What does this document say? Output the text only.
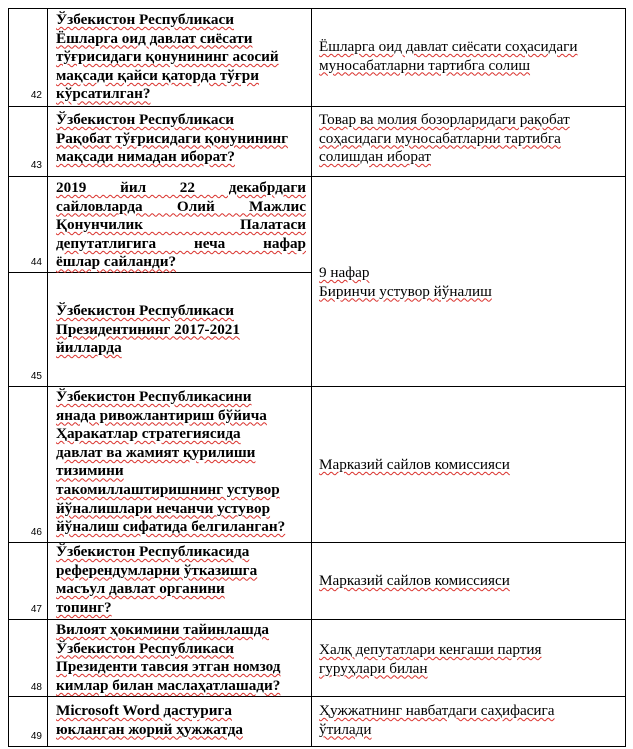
42
Ўзбекистон Республикаси
Ёшларга оид давлат сиёсати
тўғрисидаги қонунининг асосий
мақсади қайси қаторда тўғри
кўрсатилган?
Ёшларга оид давлат сиёсати соҳасидаги
муносабатларни тартибга солиш
43
Ўзбекистон Республикаси
Рақобат тўғрисидаги қонунининг
мақсади нимадан иборат?
Товар ва молия бозорларидаги рақобат
соҳасидаги муносабатларни тартибга
солишдан иборат
44
2019 йил 22 декабрдаги
сайловларда Олий Мажлис
Қонунчилик Палатаси
депутатлигига неча нафар
ёшлар сайланди?
9 нафар
Биринчи устувор йўналиш
45
Ўзбекистон Республикаси
Президентининг 2017-2021
йилларда
46
Ўзбекистон Республикасини
янада ривожлантириш бўйича
Ҳаракатлар стратегиясида
давлат ва жамият қурилиши
тизимини
такомиллаштиришнинг устувор
йўналишлари нечанчи устувор
йўналиш сифатида белгиланган?
Марказий сайлов комиссияси
47
Ўзбекистон Республикасида
референдумларни ўтказишга
масъул давлат органини
топинг?
Марказий сайлов комиссияси
48
Вилоят ҳокимини тайинлашда
Ўзбекистон Республикаси
Президенти тавсия этган номзод
кимлар билан маслаҳатлашади?
Халқ депутатлари кенгаши партия
гуруҳлари билан
49
Microsoft Word дастурига
юкланган жорий ҳужжатда
Ҳужжатнинг навбатдаги саҳифасига
ўтилади
